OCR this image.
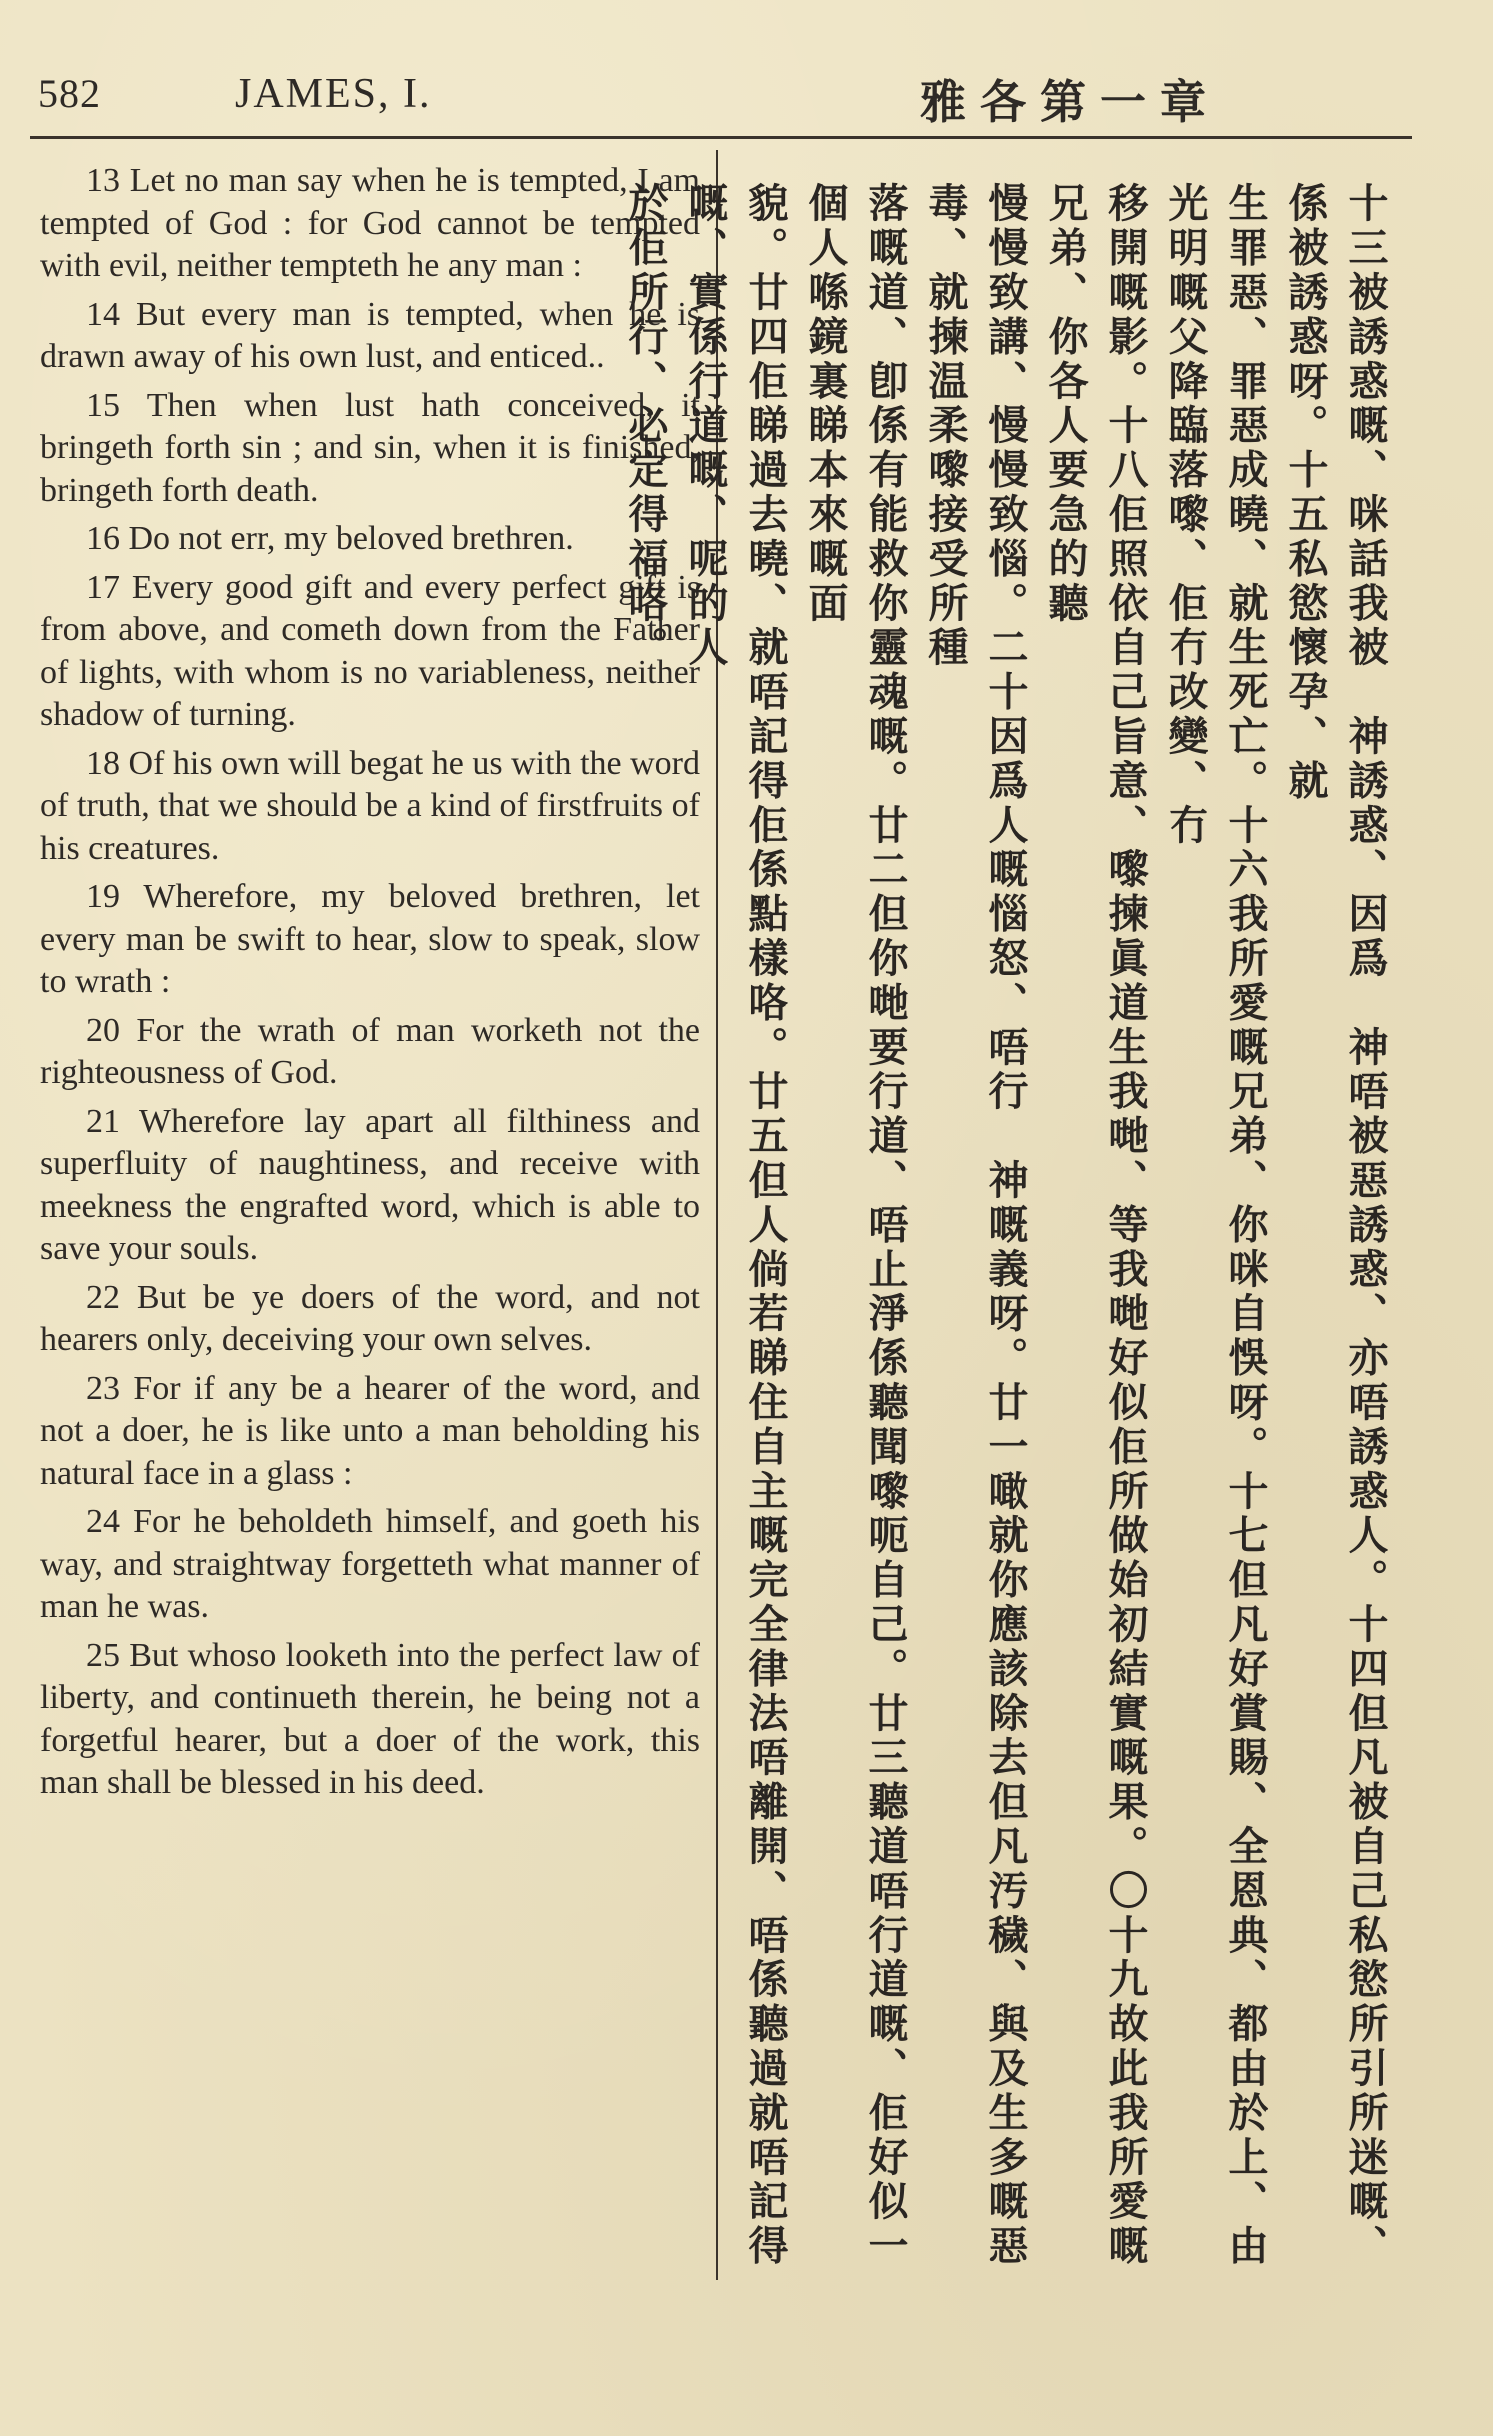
582	JAMES, I.	雅各第一章

13 Let no man say when he is tempted, I am tempted of God : for God cannot be tempted with evil, neither tempteth he any man :

14 But every man is tempted, when he is drawn away of his own lust, and enticed..

15 Then when lust hath conceived, it bringeth forth sin ; and sin, when it is finished, bringeth forth death.

16 Do not err, my beloved brethren.

17 Every good gift and every perfect gift is from above, and cometh down from the Father of lights, with whom is no variableness, neither shadow of turning.

18 Of his own will begat he us with the word of truth, that we should be a kind of firstfruits of his creatures.

19 Wherefore, my beloved brethren, let every man be swift to hear, slow to speak, slow to wrath :

20 For the wrath of man worketh not the righteousness of God.

21 Wherefore lay apart all filthiness and superfluity of naughtiness, and receive with meekness the engrafted word, which is able to save your souls.

22 But be ye doers of the word, and not hearers only, deceiving your own selves.

23 For if any be a hearer of the word, and not a doer, he is like unto a man beholding his natural face in a glass :

24 For he beholdeth himself, and goeth his way, and straightway forgetteth what manner of man he was.

25 But whoso looketh into the perfect law of liberty, and continueth therein, he being not a forgetful hearer, but a doer of the work, this man shall be blessed in his deed.	十三被誘惑嘅、咪話我被　神誘惑、因爲　神唔被惡誘惑、亦唔誘惑人。十四但凡被自己私慾所引所迷嘅、係被誘惑呀。十五私慾懷孕、就
生罪惡、罪惡成曉、就生死亡。十六我所愛嘅兄弟、你咪自悞呀。十七但凡好賞賜、全恩典、都由於上、由光明嘅父降臨落嚟、佢冇改變、冇
移開嘅影。十八佢照依自己旨意、嚟揀眞道生我哋、等我哋好似佢所做始初結實嘅果。〇十九故此我所愛嘅兄弟、你各人要急的聽
慢慢致講、慢慢致惱。二十因爲人嘅惱怒、唔行　神嘅義呀。廿一噉就你應該除去但凡汚穢、與及生多嘅惡毒、就揀温柔嚟接受所種
落嘅道、卽係有能救你靈魂嘅。廿二但你哋要行道、唔止淨係聽聞嚟呃自己。廿三聽道唔行道嘅、佢好似一個人喺鏡裏睇本來嘅面
貌。廿四佢睇過去曉、就唔記得佢係點樣咯。廿五但人倘若睇住自主嘅完全律法唔離開、唔係聽過就唔記得嘅、實係行道嘅、呢的人
於佢所行、必定得福咯。
